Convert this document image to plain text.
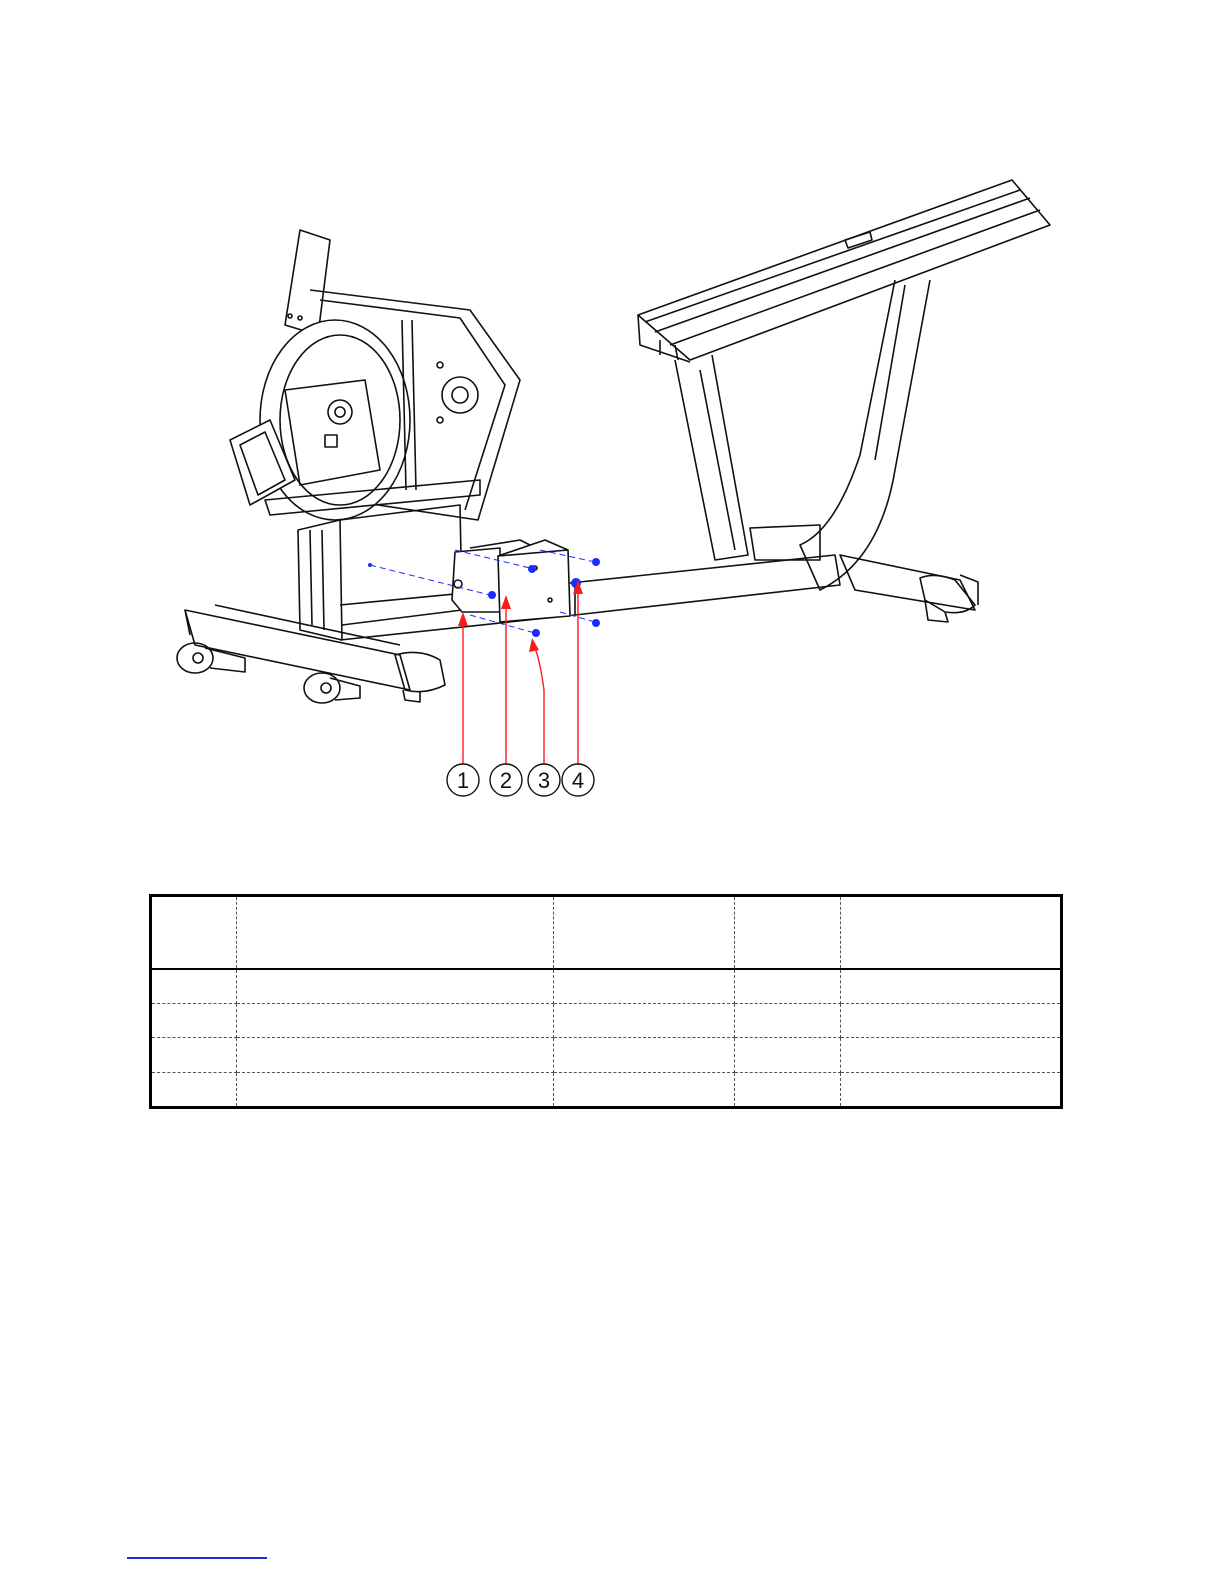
1 2 3 4
